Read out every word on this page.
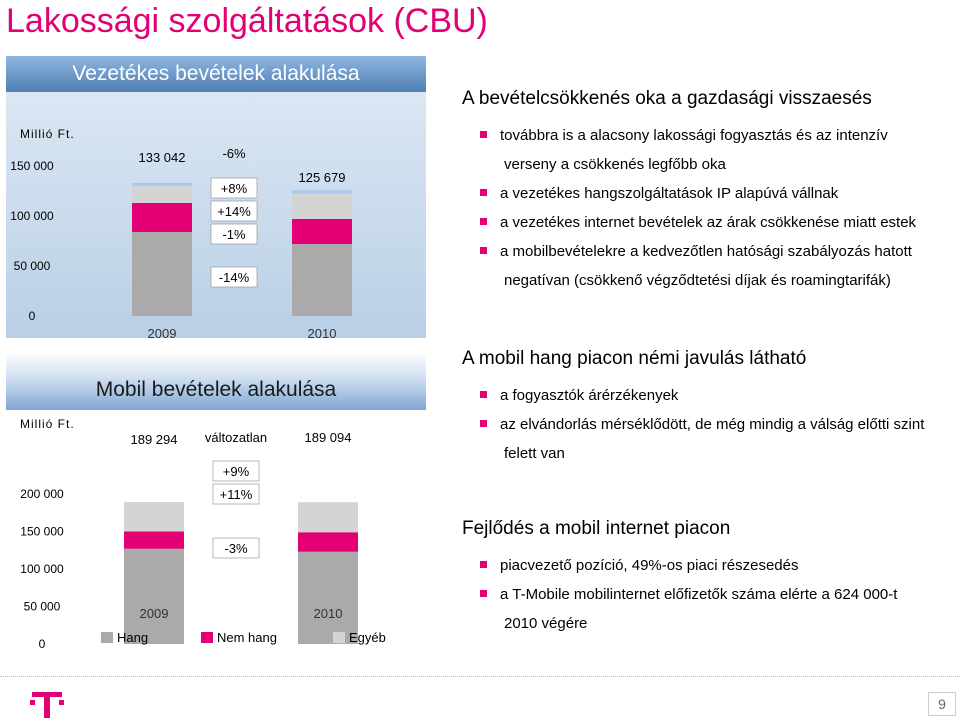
Lakossági szolgáltatások (CBU)
Vezetékes bevételek alakulása
Millió Ft.
0
50 000
100 000
150 000
2009
133 042
2010
125 679
-6%
+8%
+14%
-1%
-14%
Mobil bevételek alakulása
Millió Ft.
0
50 000
100 000
150 000
200 000
2009
189 294
2010
189 094
változatlan
+9%
+11%
-3%
Hang	Nem hang	Egyéb
A bevételcsökkenés oka a gazdasági visszaesés
továbbra is a alacsony lakossági fogyasztás és az intenzív
verseny a csökkenés legfőbb oka
a vezetékes hangszolgáltatások IP alapúvá vállnak
a vezetékes internet bevételek az árak csökkenése miatt estek
a mobilbevételekre a kedvezőtlen hatósági szabályozás hatott
negatívan (csökkenő végződtetési díjak és roamingtarifák)
A mobil hang piacon némi javulás látható
a fogyasztók árérzékenyek
az elvándorlás mérséklődött, de még mindig a válság előtti szint
felett van
Fejlődés a mobil internet piacon
piacvezető pozíció, 49%-os piaci részesedés
a T-Mobile mobilinternet előfizetők száma elérte a 624 000-t
2010 végére
9
